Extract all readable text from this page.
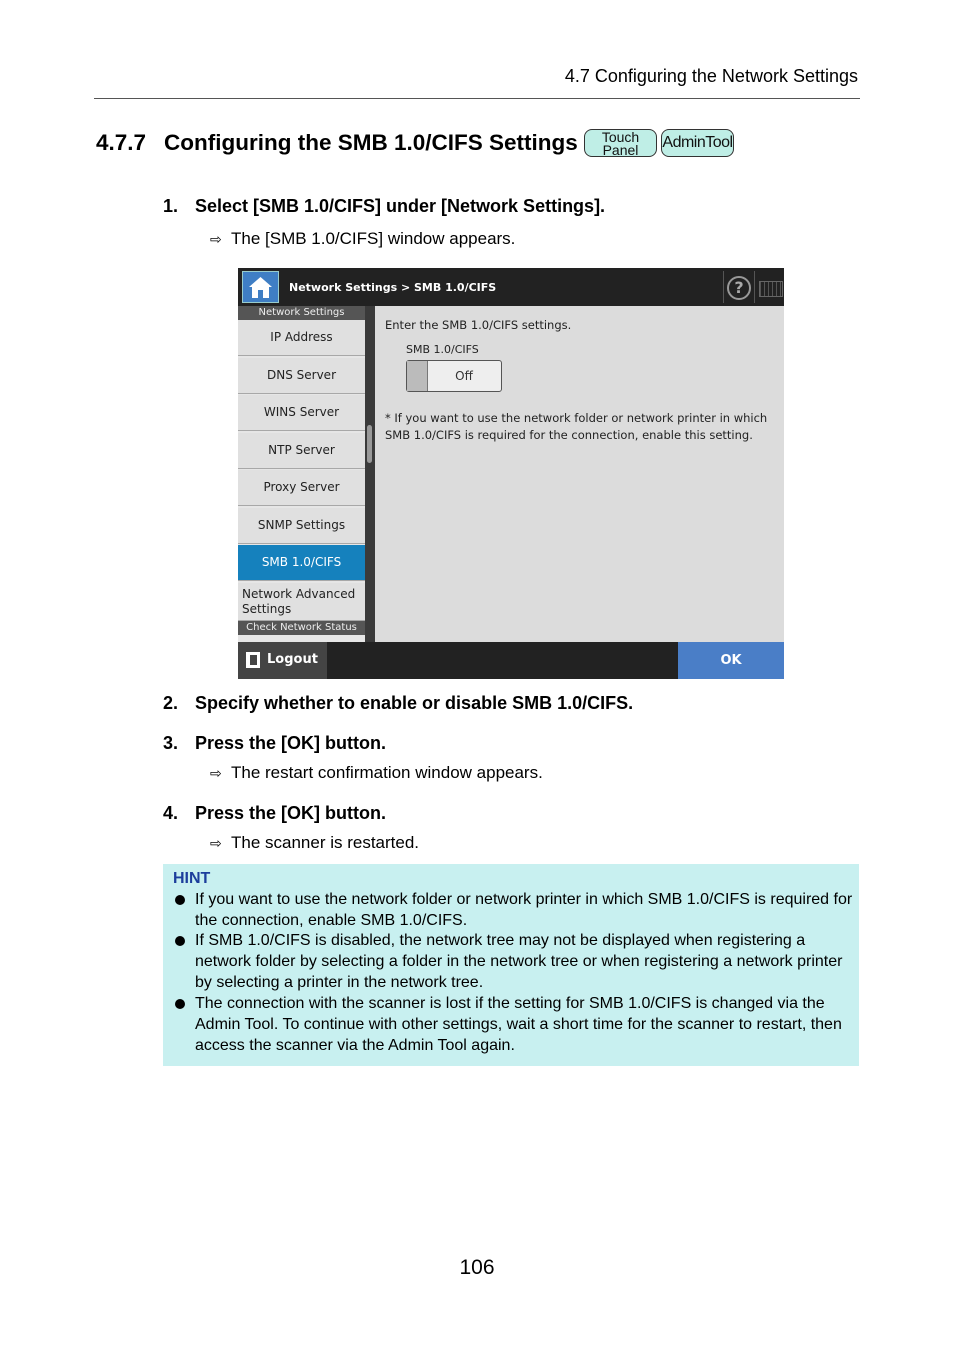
4.7 Configuring the Network Settings
4.7.7 Configuring the SMB 1.0/CIFS Settings	Touch
Panel	AdminTool
1. Select [SMB 1.0/CIFS] under [Network Settings].
⇨ The [SMB 1.0/CIFS] window appears.
Network Settings > SMB 1.0/CIFS	?
Network Settings
IP Address
DNS Server
WINS Server
NTP Server
Proxy Server
SNMP Settings
SMB 1.0/CIFS
Network Advanced Settings
Check Network Status
Enter the SMB 1.0/CIFS settings.
SMB 1.0/CIFS
Off
* If you want to use the network folder or network printer in which SMB 1.0/CIFS is required for the connection, enable this setting.
Logout	OK
2. Specify whether to enable or disable SMB 1.0/CIFS.
3. Press the [OK] button.
⇨ The restart confirmation window appears.
4. Press the [OK] button.
⇨ The scanner is restarted.
HINT
If you want to use the network folder or network printer in which SMB 1.0/CIFS is required for the connection, enable SMB 1.0/CIFS.
If SMB 1.0/CIFS is disabled, the network tree may not be displayed when registering a network folder by selecting a folder in the network tree or when registering a network printer by selecting a printer in the network tree.
The connection with the scanner is lost if the setting for SMB 1.0/CIFS is changed via the Admin Tool. To continue with other settings, wait a short time for the scanner to restart, then access the scanner via the Admin Tool again.
106
